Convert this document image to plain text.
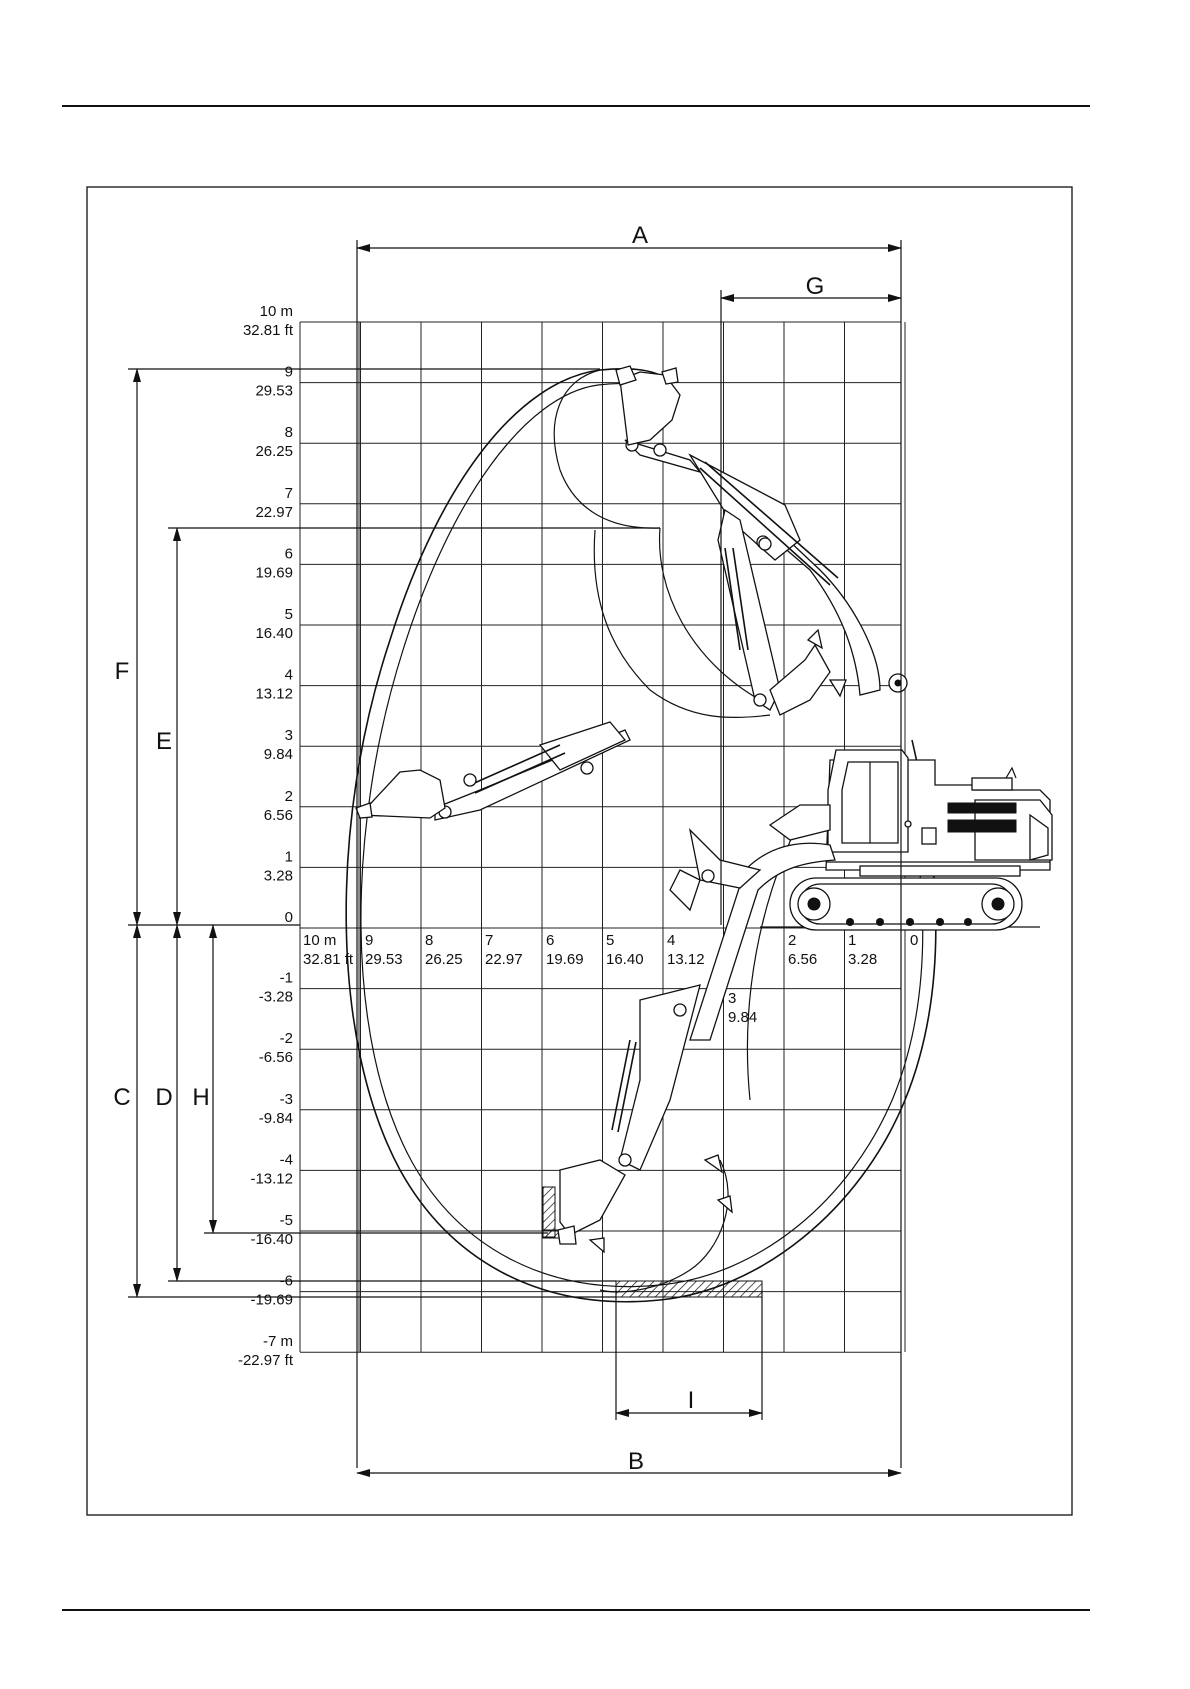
10 m
32.81 ft
9
29.53
8
26.25
7
22.97
6
19.69
5
16.40
4
13.12
3
9.84
2
6.56
1
3.28
0
-1
-3.28
-2
-6.56
-3
-9.84
-4
-13.12
-5
-16.40
-6
-19.69
-7 m
-22.97 ft
10 m
32.81 ft
9
29.53
8
26.25
7
22.97
6
19.69
5
16.40
4
13.12
3
9.84
2
6.56
1
3.28
0
A
G
B
I
F
E
C D H
